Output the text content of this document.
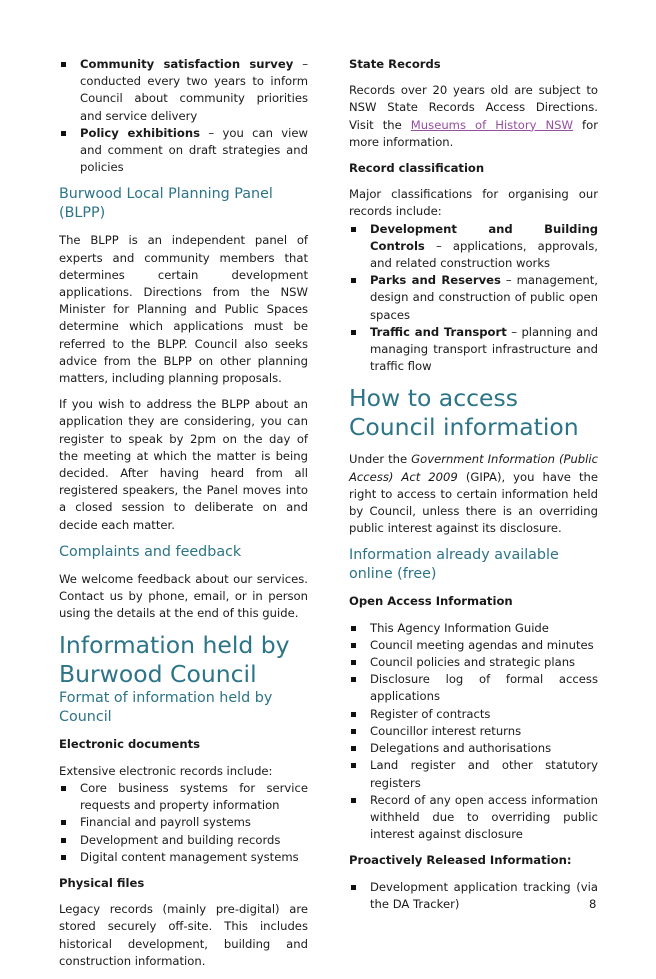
Community satisfaction survey – conducted every two years to inform Council about community priorities and service delivery
Policy exhibitions – you can view and comment on draft strategies and policies
Burwood Local Planning Panel (BLPP)

The BLPP is an independent panel of experts and community members that determines certain development applications. Directions from the NSW Minister for Planning and Public Spaces determine which applications must be referred to the BLPP. Council also seeks advice from the BLPP on other planning matters, including planning proposals.

If you wish to address the BLPP about an application they are considering, you can register to speak by 2pm on the day of the meeting at which the matter is being decided. After having heard from all registered speakers, the Panel moves into a closed session to deliberate on and decide each matter.

Complaints and feedback

We welcome feedback about our services. Contact us by phone, email, or in person using the details at the end of this guide.

Information held by Burwood Council
Format of information held by Council
Electronic documents

Extensive electronic records include:

Core business systems for service requests and property information
Financial and payroll systems
Development and building records
Digital content management systems
Physical files

Legacy records (mainly pre-digital) are stored securely off-site. This includes historical development, building and construction information.

State Records

Records over 20 years old are subject to NSW State Records Access Directions. Visit the Museums of History NSW for more information.

Record classification

Major classifications for organising our records include:

Development and Building Controls – applications, approvals, and related construction works
Parks and Reserves – management, design and construction of public open spaces
Traffic and Transport – planning and managing transport infrastructure and traffic flow
How to access Council information

Under the Government Information (Public Access) Act 2009 (GIPA), you have the right to access to certain information held by Council, unless there is an overriding public interest against its disclosure.

Information already available online (free)
Open Access Information
This Agency Information Guide
Council meeting agendas and minutes
Council policies and strategic plans
Disclosure log of formal access applications
Register of contracts
Councillor interest returns
Delegations and authorisations
Land register and other statutory registers
Record of any open access information withheld due to overriding public interest against disclosure
Proactively Released Information:
Development application tracking (via the DA Tracker)	8
